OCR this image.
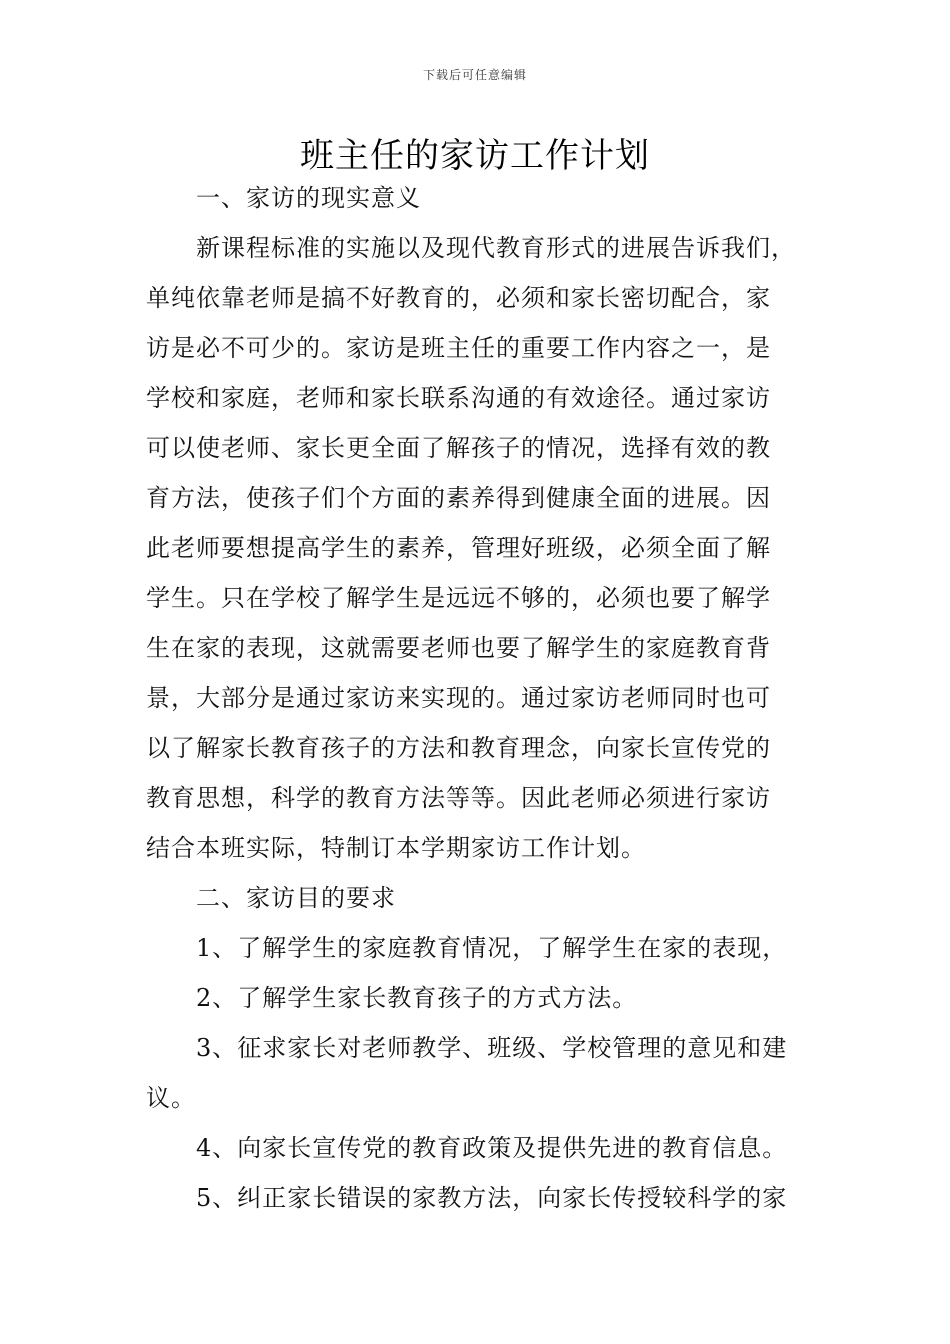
下载后可任意编辑
班主任的家访工作计划
一、家访的现实意义
新课程标准的实施以及现代教育形式的进展告诉我们，
单纯依靠老师是搞不好教育的，必须和家长密切配合，家
访是必不可少的。家访是班主任的重要工作内容之一，是
学校和家庭，老师和家长联系沟通的有效途径。通过家访
可以使老师、家长更全面了解孩子的情况，选择有效的教
育方法，使孩子们个方面的素养得到健康全面的进展。因
此老师要想提高学生的素养，管理好班级，必须全面了解
学生。只在学校了解学生是远远不够的，必须也要了解学
生在家的表现，这就需要老师也要了解学生的家庭教育背
景，大部分是通过家访来实现的。通过家访老师同时也可
以了解家长教育孩子的方法和教育理念，向家长宣传党的
教育思想，科学的教育方法等等。因此老师必须进行家访
结合本班实际，特制订本学期家访工作计划。
二、家访目的要求
1、了解学生的家庭教育情况，了解学生在家的表现，
2、了解学生家长教育孩子的方式方法。
3、征求家长对老师教学、班级、学校管理的意见和建
议。
4、向家长宣传党的教育政策及提供先进的教育信息。
5、纠正家长错误的家教方法，向家长传授较科学的家
